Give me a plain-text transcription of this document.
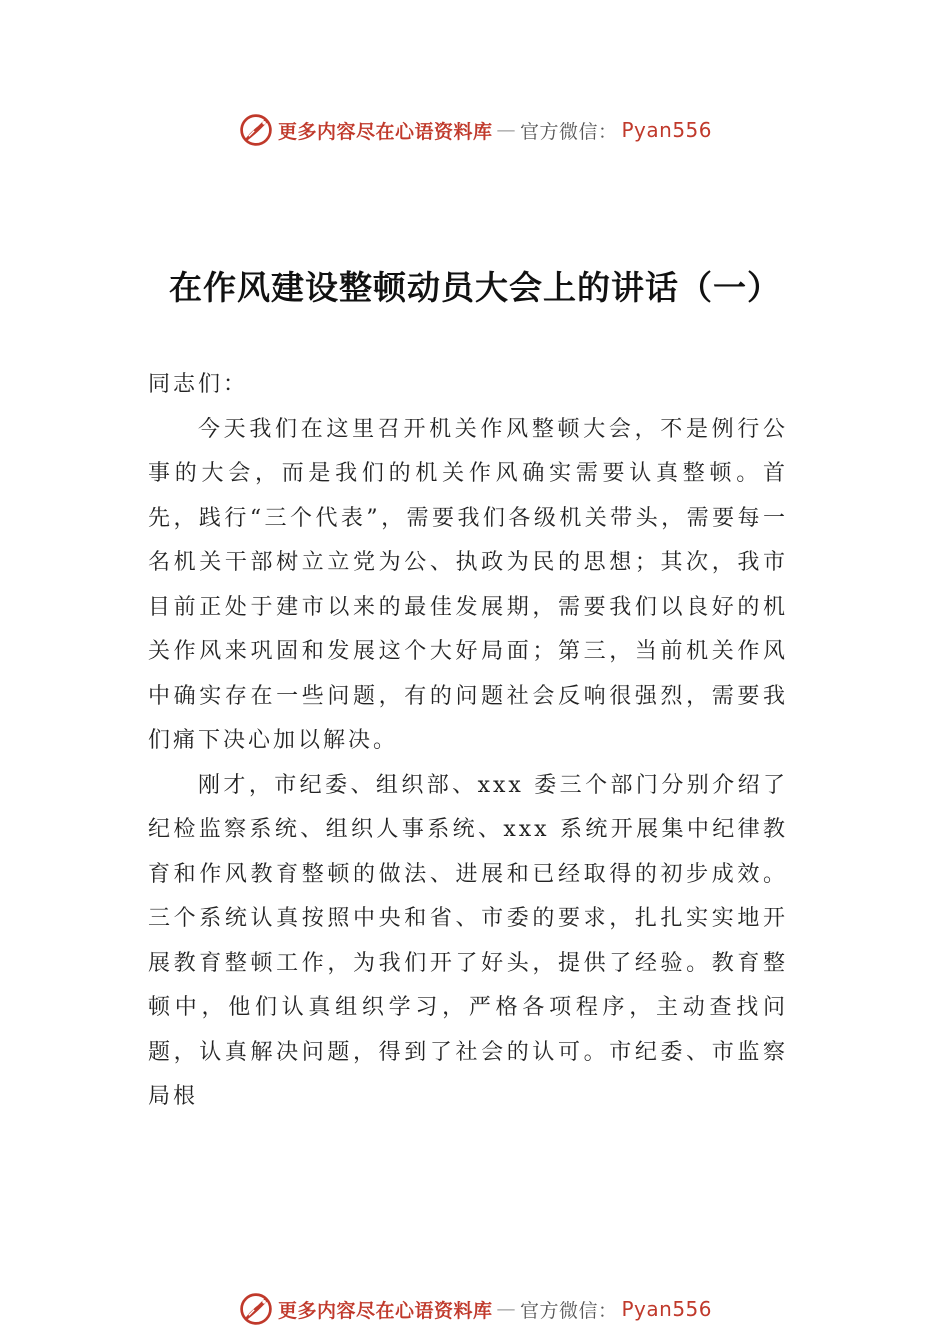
更多内容尽在心语资料库 — 官方微信： Pyan556
在作风建设整顿动员大会上的讲话（一）

同志们：

今天我们在这里召开机关作风整顿大会，不是例行公事的大会，而是我们的机关作风确实需要认真整顿。首先，践行“三个代表”，需要我们各级机关带头，需要每一名机关干部树立立党为公、执政为民的思想；其次，我市目前正处于建市以来的最佳发展期，需要我们以良好的机关作风来巩固和发展这个大好局面；第三，当前机关作风中确实存在一些问题，有的问题社会反响很强烈，需要我们痛下决心加以解决。

刚才，市纪委、组织部、xxx 委三个部门分别介绍了纪检监察系统、组织人事系统、xxx 系统开展集中纪律教育和作风教育整顿的做法、进展和已经取得的初步成效。三个系统认真按照中央和省、市委的要求，扎扎实实地开展教育整顿工作，为我们开了好头，提供了经验。教育整顿中，他们认真组织学习，严格各项程序，主动查找问题，认真解决问题，得到了社会的认可。市纪委、市监察局根

更多内容尽在心语资料库 — 官方微信： Pyan556
